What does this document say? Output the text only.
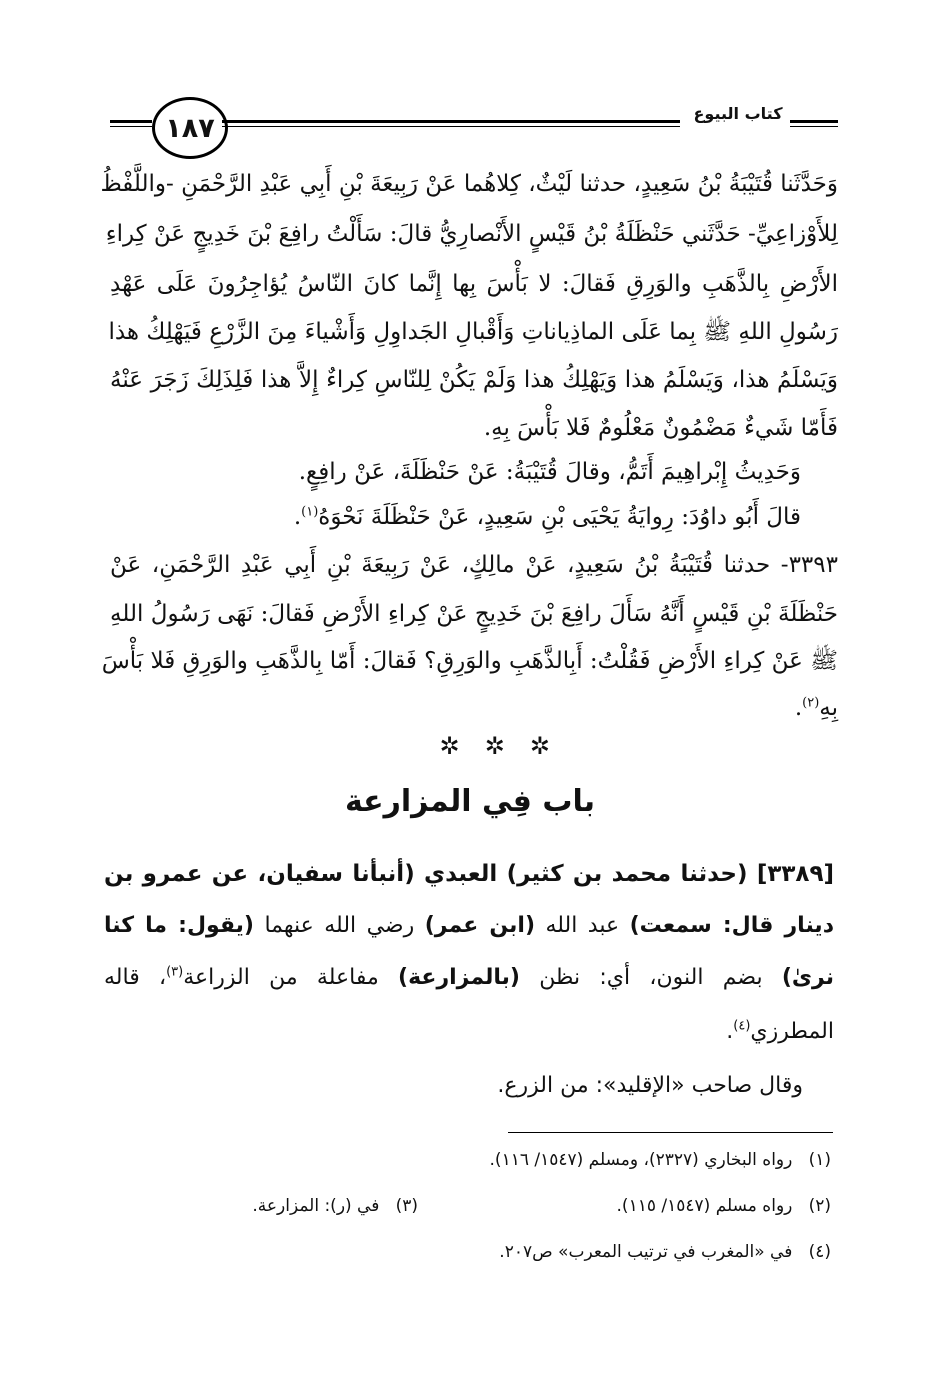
كتاب البيوع
١٨٧
وَحَدَّثَنا قُتَيْبَةُ بْنُ سَعِيدٍ، حدثنا لَيْثٌ، كِلاهُما عَنْ رَبِيعَةَ بْنِ أَبِي عَبْدِ الرَّحْمَنِ -واللَّفْظُ
لِلأَوْزاعِيِّ- حَدَّثَني حَنْظَلَةُ بْنُ قَيْسٍ الأَنْصارِيُّ قالَ: سَأَلْتُ رافِعَ بْنَ خَدِيجٍ عَنْ كِراءِ
الأَرْضِ بِالذَّهَبِ والوَرِقِ فَقالَ: لا بَأْسَ بِها إِنَّما كانَ النّاسُ يُؤاجِرُونَ عَلَى عَهْدِ
رَسُولِ اللهِ ﷺ بِما عَلَى الماذِياناتِ وَأَقْبالِ الجَداوِلِ وَأَشْياءَ مِنَ الزَّرْعِ فَيَهْلِكُ هذا
وَيَسْلَمُ هذا، وَيَسْلَمُ هذا وَيَهْلِكُ هذا وَلَمْ يَكُنْ لِلنّاسِ كِراءٌ إِلاَّ هذا فَلِذَلِكَ زَجَرَ عَنْهُ
فَأَمّا شَيءٌ مَضْمُونٌ مَعْلُومٌ فَلا بَأْسَ بِهِ.
وَحَدِيثُ إِبْراهِيمَ أَتَمُّ، وقالَ قُتَيْبَةُ: عَنْ حَنْظَلَةَ، عَنْ رافِعٍ.
قالَ أَبُو داوُدَ: رِوايَةُ يَحْيَى بْنِ سَعِيدٍ، عَنْ حَنْظَلَةَ نَحْوَهُ$^{(١)}$.
٣٣٩٣- حدثنا قُتَيْبَةُ بْنُ سَعِيدٍ، عَنْ مالِكٍ، عَنْ رَبِيعَةَ بْنِ أَبِي عَبْدِ الرَّحْمَنِ، عَنْ
حَنْظَلَةَ بْنِ قَيْسٍ أَنَّهُ سَأَلَ رافِعَ بْنَ خَدِيجٍ عَنْ كِراءِ الأَرْضِ فَقالَ: نَهَى رَسُولُ اللهِ
ﷺ عَنْ كِراءِ الأَرْضِ فَقُلْتُ: أَبِالذَّهَبِ والوَرِقِ؟ فَقالَ: أَمّا بِالذَّهَبِ والوَرِقِ فَلا بَأْسَ
بِهِ$^{(٢)}$.
✲   ✲   ✲
باب فِي المزارعة
[٣٣٨٩] (حدثنا محمد بن كثير) العبدي (أنبأنا سفيان، عن عمرو بن
دينار قال: سمعت) عبد الله (ابن عمر) رضي الله عنهما (يقول: ما كنا
نرىٰ) بضم النون، أي: نظن (بالمزارعة) مفاعلة من الزراعة$^{(٣)}$، قاله
المطرزي$^{(٤)}$.
وقال صاحب «الإقليد»: من الزرع.
(١)   رواه البخاري (٢٣٢٧)، ومسلم (١٥٤٧/ ١١٦).
(٢)   رواه مسلم (١٥٤٧/ ١١٥).
(٣)   في (ر): المزارعة.
(٤)   في «المغرب في ترتيب المعرب» ص٢٠٧.
